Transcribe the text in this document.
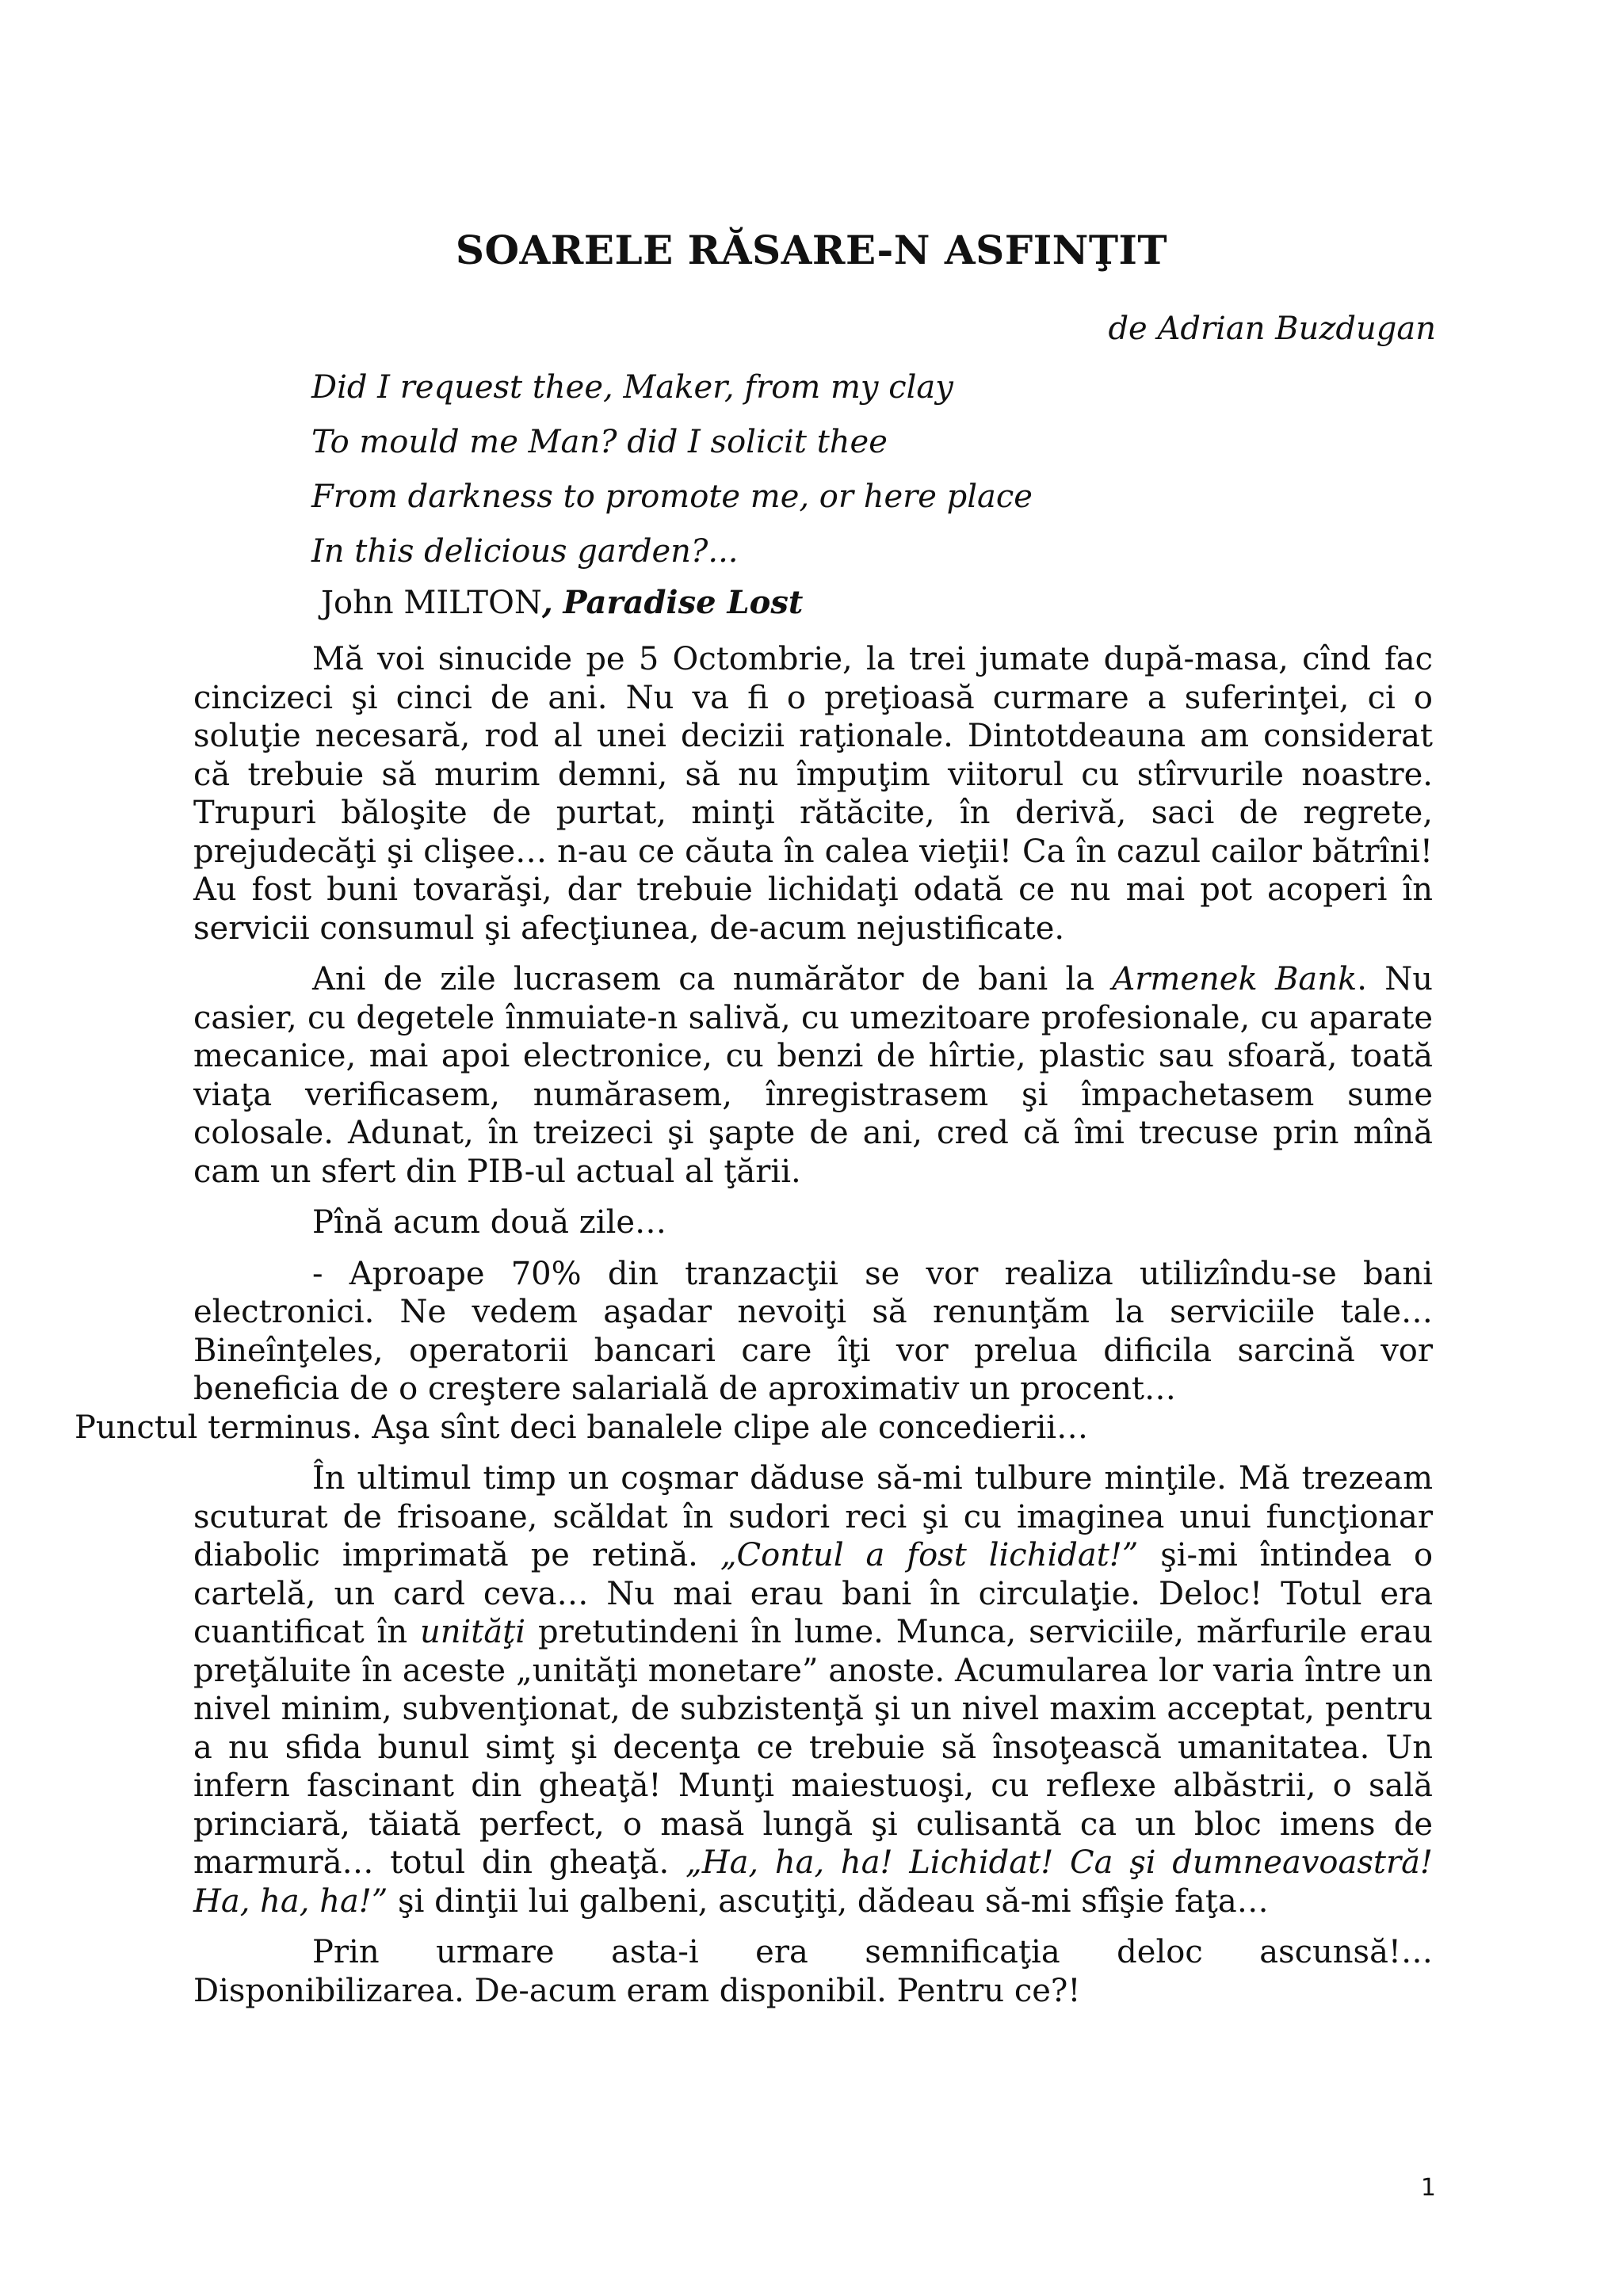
SOARELE RĂSARE-N ASFINŢIT
de Adrian Buzdugan
Did I request thee, Maker, from my clay
To mould me Man? did I solicit thee
From darkness to promote me, or here place
In this delicious garden?...
John MILTON, Paradise Lost

Mă voi sinucide pe 5 Octombrie, la trei jumate după-masa, cînd fac cincizeci şi cinci de ani. Nu va fi o preţioasă curmare a suferinţei, ci o soluţie necesară, rod al unei decizii raţionale. Dintotdeauna am considerat că trebuie să murim demni, să nu împuţim viitorul cu stîrvurile noastre. Trupuri băloşite de purtat, minţi rătăcite, în derivă, saci de regrete, prejudecăţi şi clişee… n-au ce căuta în calea vieţii! Ca în cazul cailor bătrîni! Au fost buni tovarăşi, dar trebuie lichidaţi odată ce nu mai pot acoperi în servicii consumul şi afecţiunea, de-acum nejustificate.

Ani de zile lucrasem ca numărător de bani la Armenek Bank. Nu casier, cu degetele înmuiate-n salivă, cu umezitoare profesionale, cu aparate mecanice, mai apoi electronice, cu benzi de hîrtie, plastic sau sfoară, toată viaţa verificasem, numărasem, înregistrasem şi împachetasem sume colosale. Adunat, în treizeci şi şapte de ani, cred că îmi trecuse prin mînă cam un sfert din PIB-ul actual al ţării.

Pînă acum două zile…

- Aproape 70% din tranzacţii se vor realiza utilizîndu-se bani electronici. Ne vedem aşadar nevoiţi să renunţăm la serviciile tale… Bineînţeles, operatorii bancari care îţi vor prelua dificila sarcină vor beneficia de o creştere salarială de aproximativ un procent…
Punctul terminus. Aşa sînt deci banalele clipe ale concedierii…

În ultimul timp un coşmar dăduse să-mi tulbure minţile. Mă trezeam scuturat de frisoane, scăldat în sudori reci şi cu imaginea unui funcţionar diabolic imprimată pe retină. „Contul a fost lichidat!” şi-mi întindea o cartelă, un card ceva… Nu mai erau bani în circulaţie. Deloc! Totul era cuantificat în unităţi pretutindeni în lume. Munca, serviciile, mărfurile erau preţăluite în aceste „unităţi monetare” anoste. Acumularea lor varia între un nivel minim, subvenţionat, de subzistenţă şi un nivel maxim acceptat, pentru a nu sfida bunul simţ şi decenţa ce trebuie să însoţească umanitatea. Un infern fascinant din gheaţă! Munţi maiestuoşi, cu reflexe albăstrii, o sală princiară, tăiată perfect, o masă lungă şi culisantă ca un bloc imens de marmură… totul din gheaţă. „Ha, ha, ha! Lichidat! Ca şi dumneavoastră! Ha, ha, ha!” şi dinţii lui galbeni, ascuţiţi, dădeau să-mi sfîşie faţa…

Prin urmare asta-i era semnificaţia deloc ascunsă!… Disponibilizarea. De-acum eram disponibil. Pentru ce?!

1
